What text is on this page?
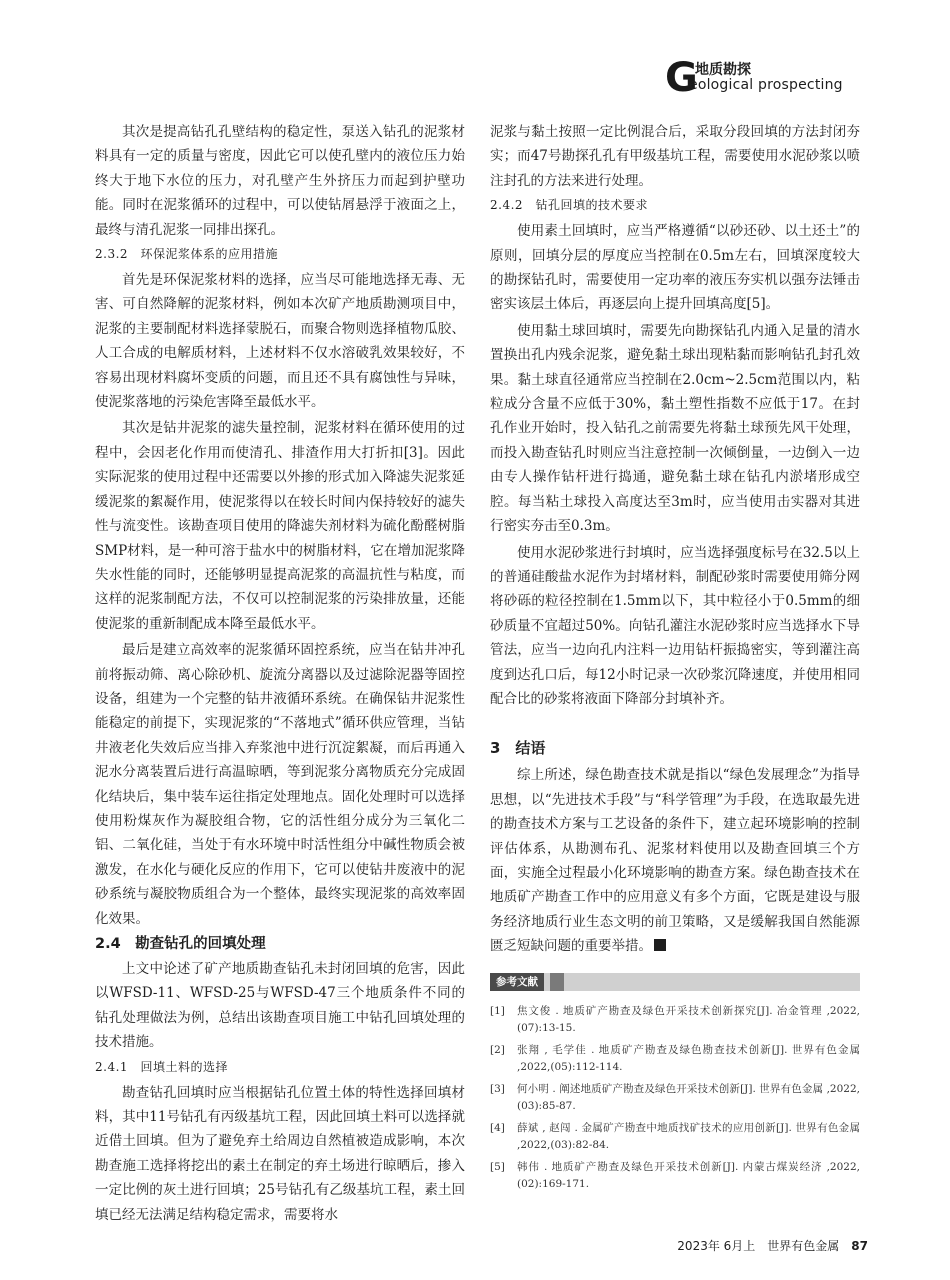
G
地质勘探
eological prospecting

其次是提高钻孔孔壁结构的稳定性，泵送入钻孔的泥浆材料具有一定的质量与密度，因此它可以使孔壁内的液位压力始终大于地下水位的压力，对孔壁产生外挤压力而起到护壁功能。同时在泥浆循环的过程中，可以使钻屑悬浮于液面之上，最终与清孔泥浆一同排出探孔。

2.3.2　环保泥浆体系的应用措施

首先是环保泥浆材料的选择，应当尽可能地选择无毒、无害、可自然降解的泥浆材料，例如本次矿产地质勘测项目中，泥浆的主要制配材料选择蒙脱石，而聚合物则选择植物瓜胶、人工合成的电解质材料，上述材料不仅水溶破乳效果较好，不容易出现材料腐坏变质的问题，而且还不具有腐蚀性与异味，使泥浆落地的污染危害降至最低水平。

其次是钻井泥浆的滤失量控制，泥浆材料在循环使用的过程中，会因老化作用而使清孔、排渣作用大打折扣[3]。因此实际泥浆的使用过程中还需要以外掺的形式加入降滤失泥浆延缓泥浆的絮凝作用，使泥浆得以在较长时间内保持较好的滤失性与流变性。该勘查项目使用的降滤失剂材料为硫化酚醛树脂SMP材料，是一种可溶于盐水中的树脂材料，它在增加泥浆降失水性能的同时，还能够明显提高泥浆的高温抗性与粘度，而这样的泥浆制配方法，不仅可以控制泥浆的污染排放量，还能使泥浆的重新制配成本降至最低水平。

最后是建立高效率的泥浆循环固控系统，应当在钻井冲孔前将振动筛、离心除砂机、旋流分离器以及过滤除泥器等固控设备，组建为一个完整的钻井液循环系统。在确保钻井泥浆性能稳定的前提下，实现泥浆的“不落地式”循环供应管理，当钻井液老化失效后应当排入弃浆池中进行沉淀絮凝，而后再通入泥水分离装置后进行高温晾晒，等到泥浆分离物质充分完成固化结块后，集中装车运往指定处理地点。固化处理时可以选择使用粉煤灰作为凝胶组合物，它的活性组分成分为三氧化二铝、二氧化硅，当处于有水环境中时活性组分中碱性物质会被激发，在水化与硬化反应的作用下，它可以使钻井废液中的泥砂系统与凝胶物质组合为一个整体，最终实现泥浆的高效率固化效果。

2.4　勘查钻孔的回填处理

上文中论述了矿产地质勘查钻孔未封闭回填的危害，因此以WFSD-11、WFSD-25与WFSD-47三个地质条件不同的钻孔处理做法为例，总结出该勘查项目施工中钻孔回填处理的技术措施。

2.4.1　回填土料的选择

勘查钻孔回填时应当根据钻孔位置土体的特性选择回填材料，其中11号钻孔有丙级基坑工程，因此回填土料可以选择就近借土回填。但为了避免弃土给周边自然植被造成影响，本次勘查施工选择将挖出的素土在制定的弃土场进行晾晒后，掺入一定比例的灰土进行回填；25号钻孔有乙级基坑工程，素土回填已经无法满足结构稳定需求，需要将水

泥浆与黏土按照一定比例混合后，采取分段回填的方法封闭夯实；而47号勘探孔孔有甲级基坑工程，需要使用水泥砂浆以喷注封孔的方法来进行处理。

2.4.2　钻孔回填的技术要求

使用素土回填时，应当严格遵循“以砂还砂、以土还土”的原则，回填分层的厚度应当控制在0.5m左右，回填深度较大的勘探钻孔时，需要使用一定功率的液压夯实机以强夯法锤击密实该层土体后，再逐层向上提升回填高度[5]。

使用黏土球回填时，需要先向勘探钻孔内通入足量的清水置换出孔内残余泥浆，避免黏土球出现粘黏而影响钻孔封孔效果。黏土球直径通常应当控制在2.0cm~2.5cm范围以内，粘粒成分含量不应低于30%，黏土塑性指数不应低于17。在封孔作业开始时，投入钻孔之前需要先将黏土球预先风干处理，而投入勘查钻孔时则应当注意控制一次倾倒量，一边倒入一边由专人操作钻杆进行捣通，避免黏土球在钻孔内淤堵形成空腔。每当粘土球投入高度达至3m时，应当使用击实器对其进行密实夯击至0.3m。

使用水泥砂浆进行封填时，应当选择强度标号在32.5以上的普通硅酸盐水泥作为封堵材料，制配砂浆时需要使用筛分网将砂砾的粒径控制在1.5mm以下，其中粒径小于0.5mm的细砂质量不宜超过50%。向钻孔灌注水泥砂浆时应当选择水下导管法，应当一边向孔内注料一边用钻杆振捣密实，等到灌注高度到达孔口后，每12小时记录一次砂浆沉降速度，并使用相同配合比的砂浆将液面下降部分封填补齐。

3　结语

综上所述，绿色勘查技术就是指以“绿色发展理念”为指导思想，以“先进技术手段”与“科学管理”为手段，在选取最先进的勘查技术方案与工艺设备的条件下，建立起环境影响的控制评估体系，从勘测布孔、泥浆材料使用以及勘查回填三个方面，实施全过程最小化环境影响的勘查方案。绿色勘查技术在地质矿产勘查工作中的应用意义有多个方面，它既是建设与服务经济地质行业生态文明的前卫策略，又是缓解我国自然能源匮乏短缺问题的重要举措。

参考文献
[1]	焦文俊 . 地质矿产勘查及绿色开采技术创新探究[J]. 冶金管理 ,2022,(07):13-15.
[2]	张翔 , 毛学佳 . 地质矿产勘查及绿色勘查技术创新[J]. 世界有色金属 ,2022,(05):112-114.
[3]	何小明 . 阐述地质矿产勘查及绿色开采技术创新[J]. 世界有色金属 ,2022,(03):85-87.
[4]	薛斌 , 赵闯 . 金属矿产勘查中地质找矿技术的应用创新[J]. 世界有色金属 ,2022,(03):82-84.
[5]	韩伟 . 地质矿产勘查及绿色开采技术创新[J]. 内蒙古煤炭经济 ,2022,(02):169-171.
2023年 6月上　世界有色金属 87
